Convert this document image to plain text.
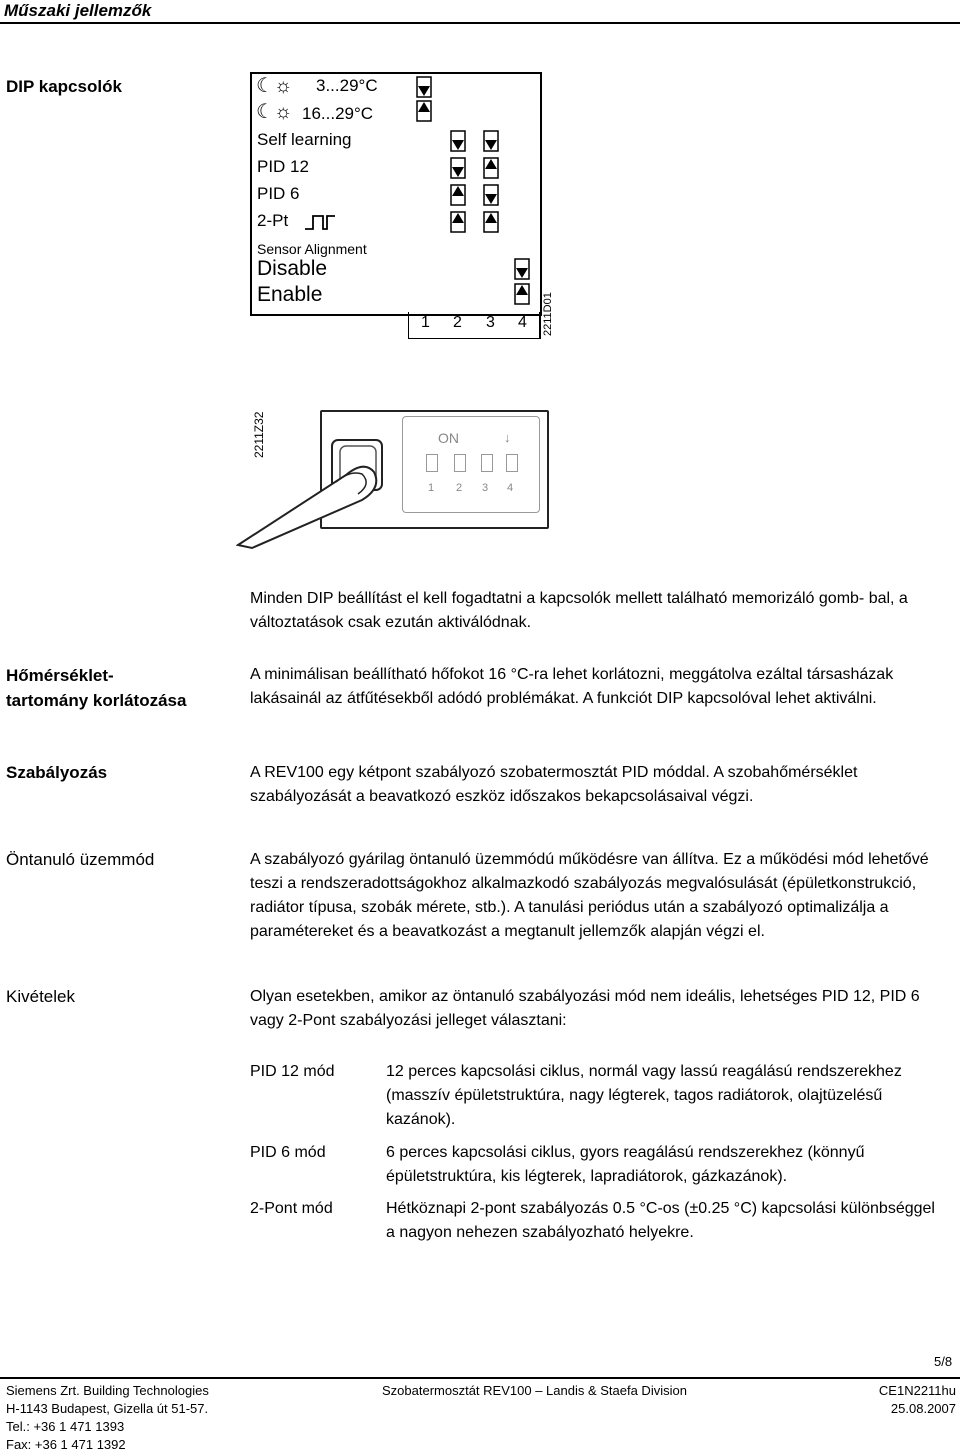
Műszaki jellemzők
DIP kapcsolók	☾ ☼ 3...29°C
☾ ☼ 16...29°C
Self learning
PID 12
PID 6
2-Pt
Sensor Alignment
Disable
Enable
1 2 3 4 2211D01
2211Z32	ON	↓
1 2 3 4
Minden DIP beállítást el kell fogadtatni a kapcsolók mellett található memorizáló gomb- bal, a változtatások csak ezután aktiválódnak.
Hőmérséklet-
tartomány korlátozása
A minimálisan beállítható hőfokot 16 °C-ra lehet korlátozni, meggátolva ezáltal társasházak lakásainál az átfűtésekből adódó problémákat. A funkciót DIP kapcsolóval lehet aktiválni.
Szabályozás	A REV100 egy kétpont szabályozó szobatermosztát PID móddal. A szobahőmérséklet szabályozását a beavatkozó eszköz időszakos bekapcsolásaival végzi.
Öntanuló üzemmód	A szabályozó gyárilag öntanuló üzemmódú működésre van állítva. Ez a működési mód lehetővé teszi a rendszeradottságokhoz alkalmazkodó szabályozás megvalósulását (épületkonstrukció, radiátor típusa, szobák mérete, stb.). A tanulási periódus után a szabályozó optimalizálja a paramétereket és a beavatkozást a megtanult jellemzők alapján végzi el.
Kivételek	Olyan esetekben, amikor az öntanuló szabályozási mód nem ideális, lehetséges PID 12, PID 6 vagy 2-Pont szabályozási jelleget választani:
PID 12 mód	12 perces kapcsolási ciklus, normál vagy lassú reagálású rendszerekhez (masszív épületstruktúra, nagy légterek, tagos radiátorok, olajtüzelésű kazánok).
PID 6 mód	6 perces kapcsolási ciklus, gyors reagálású rendszerekhez (könnyű épületstruktúra, kis légterek, lapradiátorok, gázkazánok).
2-Pont mód	Hétköznapi 2-pont szabályozás 0.5 °C-os (±0.25 °C) kapcsolási különbséggel a nagyon nehezen szabályozható helyekre.
5/8
Siemens Zrt. Building Technologies
H-1143 Budapest, Gizella út 51-57.
Tel.: +36 1 471 1393
Fax: +36 1 471 1392
Szobatermosztát REV100 – Landis & Staefa Division	CE1N2211hu
25.08.2007
